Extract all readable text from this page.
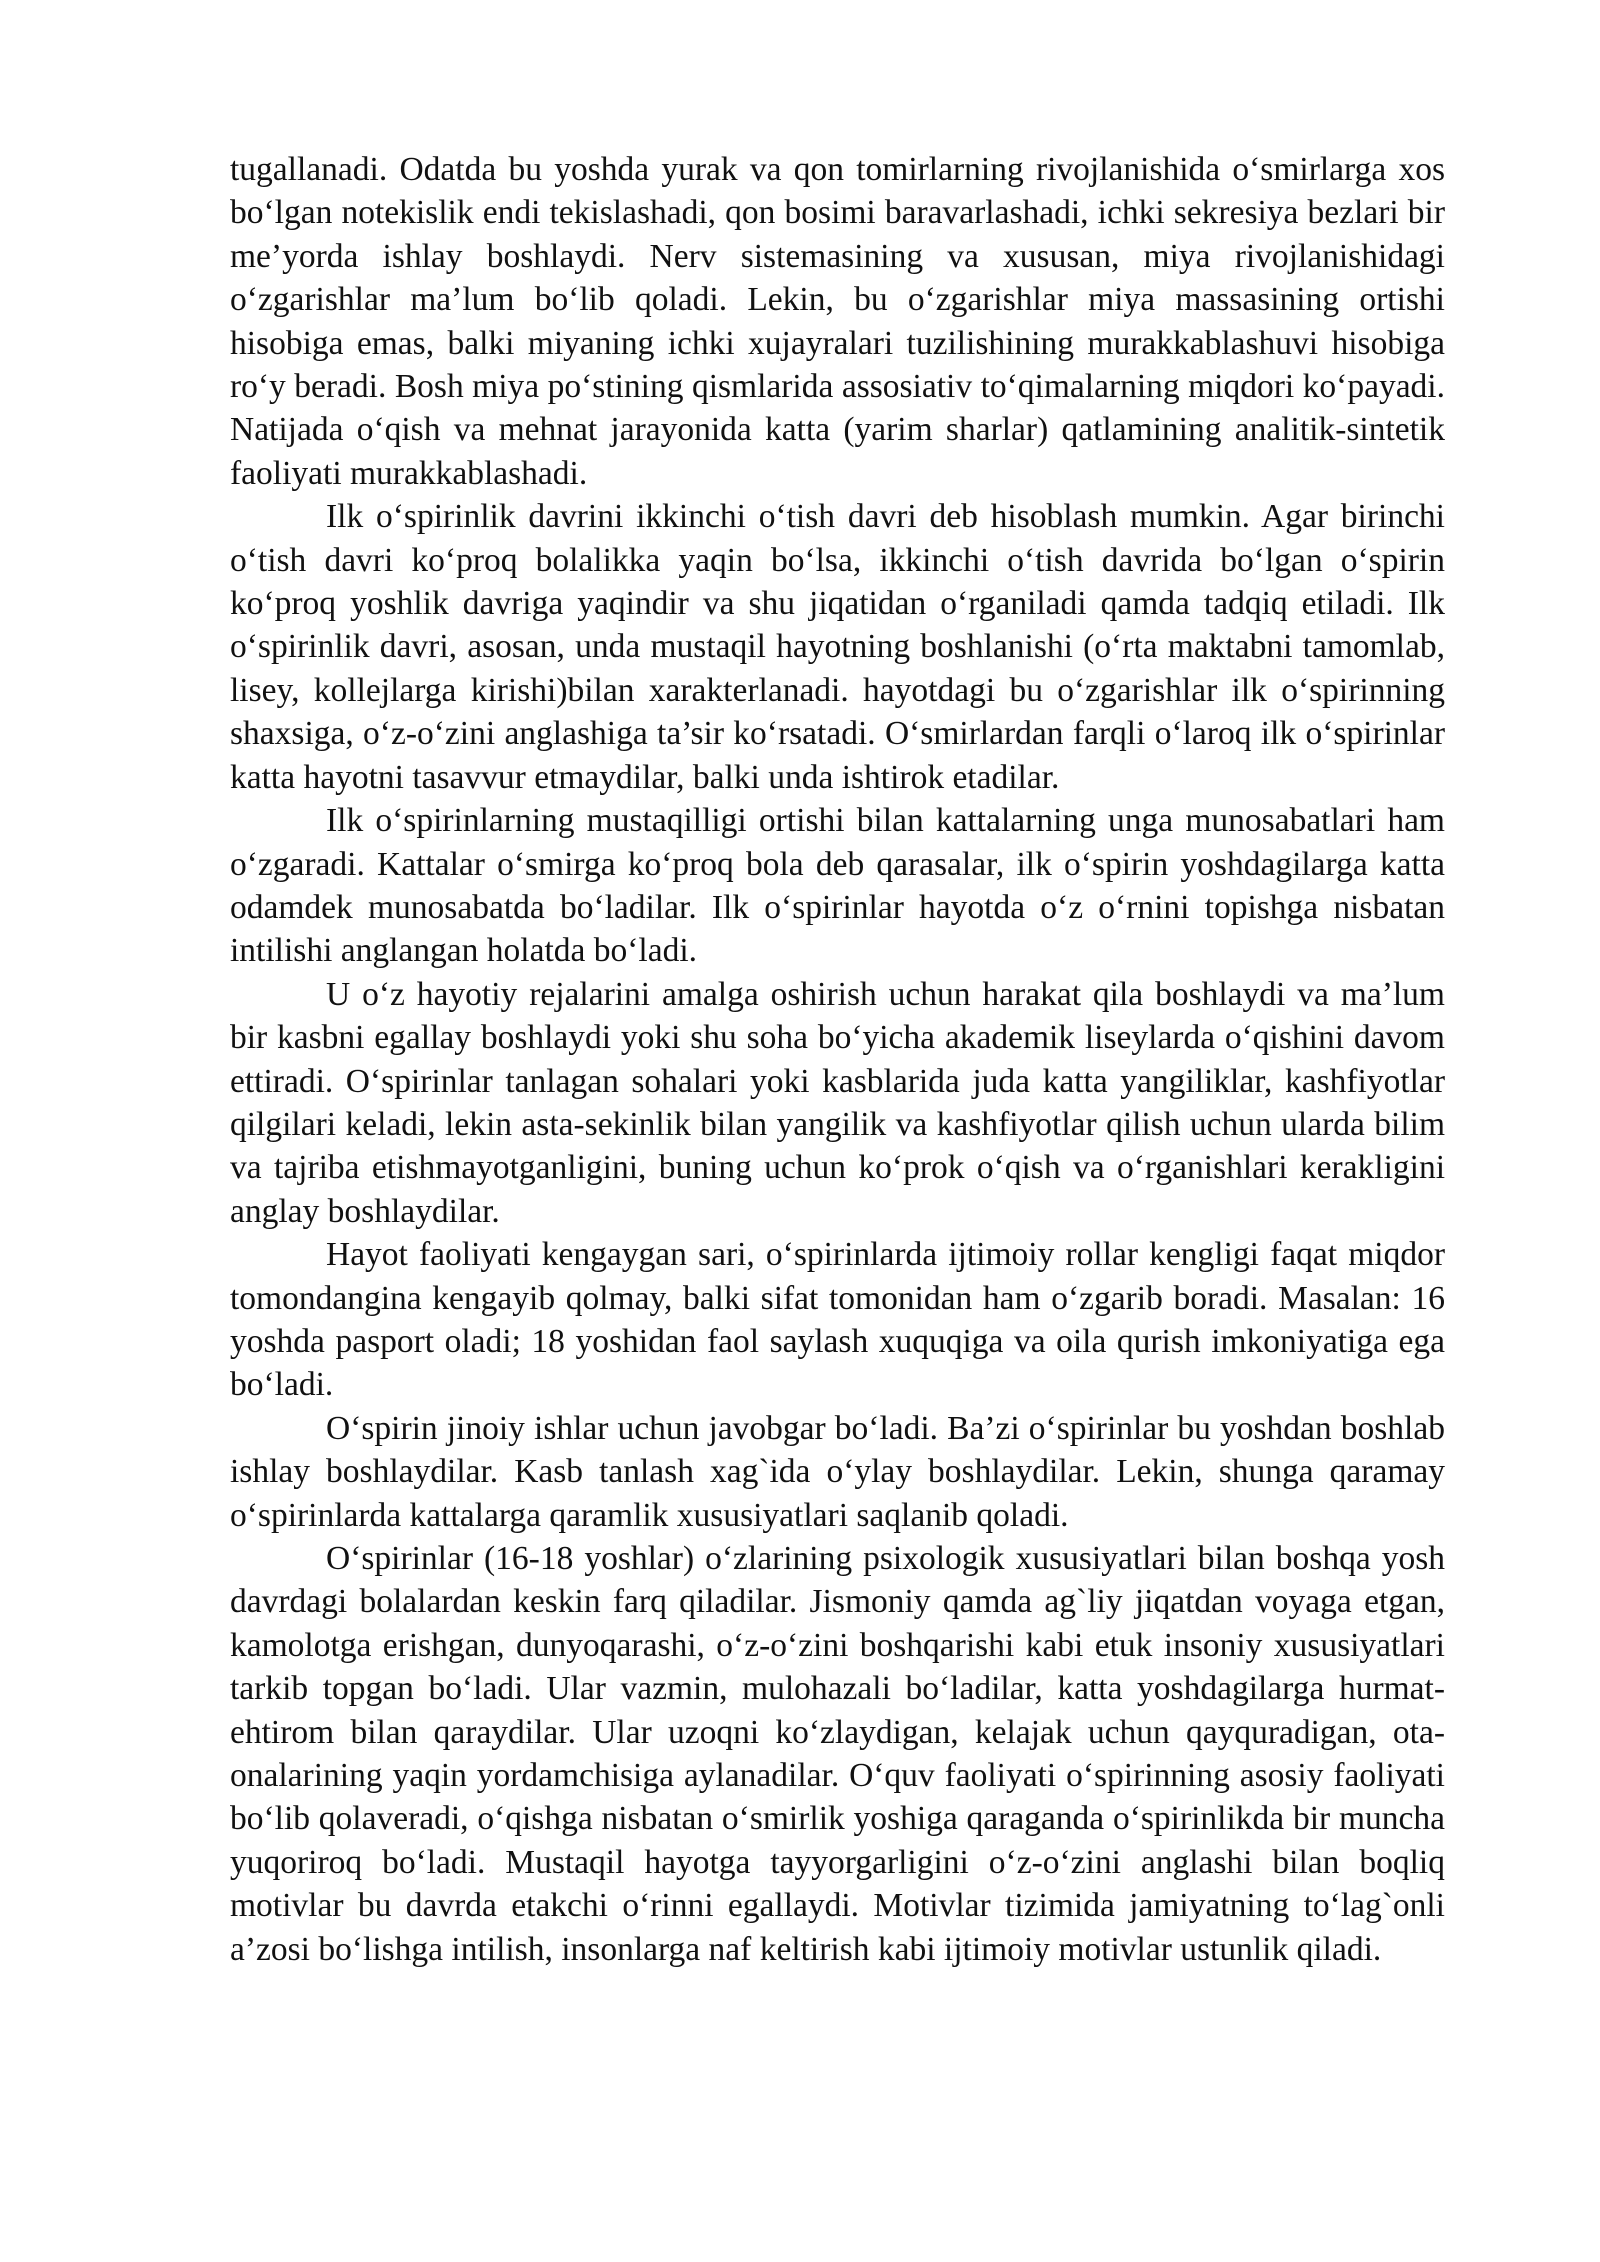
tugallanadi. Odatda bu yoshda yurak va qon tomirlarning rivojlanishida o‘smirlarga xos bo‘lgan notekislik endi tekislashadi, qon bosimi baravarlashadi, ichki sekresiya bezlari bir me’yorda ishlay boshlaydi. Nerv sistemasining va xususan, miya rivojlanishidagi o‘zgarishlar ma’lum bo‘lib qoladi. Lekin, bu o‘zgarishlar miya massasining ortishi hisobiga emas, balki miyaning ichki xujayralari tuzilishining murakkablashuvi hisobiga ro‘y beradi. Bosh miya po‘stining qismlarida assosiativ to‘qimalarning miqdori ko‘payadi. Natijada o‘qish va mehnat jarayonida katta (yarim sharlar) qatlamining analitik-sintetik faoliyati murakkablashadi.

Ilk o‘spirinlik davrini ikkinchi o‘tish davri deb hisoblash mumkin. Agar birinchi o‘tish davri ko‘proq bolalikka yaqin bo‘lsa, ikkinchi o‘tish davrida bo‘lgan o‘spirin ko‘proq yoshlik davriga yaqindir va shu jiqatidan o‘rganiladi qamda tadqiq etiladi. Ilk o‘spirinlik davri, asosan, unda mustaqil hayotning boshlanishi (o‘rta maktabni tamomlab, lisey, kollejlarga kirishi)bilan xarakterlanadi. hayotdagi bu o‘zgarishlar ilk o‘spirinning shaxsiga, o‘z-o‘zini anglashiga ta’sir ko‘rsatadi. O‘smirlardan farqli o‘laroq ilk o‘spirinlar katta hayotni tasavvur etmaydilar, balki unda ishtirok etadilar.

Ilk o‘spirinlarning mustaqilligi ortishi bilan kattalarning unga munosabatlari ham o‘zgaradi. Kattalar o‘smirga ko‘proq bola deb qarasalar, ilk o‘spirin yoshdagilarga katta odamdek munosabatda bo‘ladilar. Ilk o‘spirinlar hayotda o‘z o‘rnini topishga nisbatan intilishi anglangan holatda bo‘ladi.

U o‘z hayotiy rejalarini amalga oshirish uchun harakat qila boshlaydi va ma’lum bir kasbni egallay boshlaydi yoki shu soha bo‘yicha akademik liseylarda o‘qishini davom ettiradi. O‘spirinlar tanlagan sohalari yoki kasblarida juda katta yangiliklar, kashfiyotlar qilgilari keladi, lekin asta-sekinlik bilan yangilik va kashfiyotlar qilish uchun ularda bilim va tajriba etishmayotganligini, buning uchun ko‘prok o‘qish va o‘rganishlari kerakligini anglay boshlaydilar.

Hayot faoliyati kengaygan sari, o‘spirinlarda ijtimoiy rollar kengligi faqat miqdor tomondangina kengayib qolmay, balki sifat tomonidan ham o‘zgarib boradi. Masalan: 16 yoshda pasport oladi; 18 yoshidan faol saylash xuquqiga va oila qurish imkoniyatiga ega bo‘ladi.

O‘spirin jinoiy ishlar uchun javobgar bo‘ladi. Ba’zi o‘spirinlar bu yoshdan boshlab ishlay boshlaydilar. Kasb tanlash xag`ida o‘ylay boshlaydilar. Lekin, shunga qaramay o‘spirinlarda kattalarga qaramlik xususiyatlari saqlanib qoladi.

O‘spirinlar (16-18 yoshlar) o‘zlarining psixologik xususiyatlari bilan boshqa yosh davrdagi bolalardan keskin farq qiladilar. Jismoniy qamda ag`liy jiqatdan voyaga etgan, kamolotga erishgan, dunyoqarashi, o‘z-o‘zini boshqarishi kabi etuk insoniy xususiyatlari tarkib topgan bo‘ladi. Ular vazmin, mulohazali bo‘ladilar, katta yoshdagilarga hurmat-ehtirom bilan qaraydilar. Ular uzoqni ko‘zlaydigan, kelajak uchun qayquradigan, ota-onalarining yaqin yordamchisiga aylanadilar. O‘quv faoliyati o‘spirinning asosiy faoliyati bo‘lib qolaveradi, o‘qishga nisbatan o‘smirlik yoshiga qaraganda o‘spirinlikda bir muncha yuqoriroq bo‘ladi. Mustaqil hayotga tayyorgarligini o‘z-o‘zini anglashi bilan boqliq motivlar bu davrda etakchi o‘rinni egallaydi. Motivlar tizimida jamiyatning to‘lag`onli a’zosi bo‘lishga intilish, insonlarga naf keltirish kabi ijtimoiy motivlar ustunlik qiladi.
